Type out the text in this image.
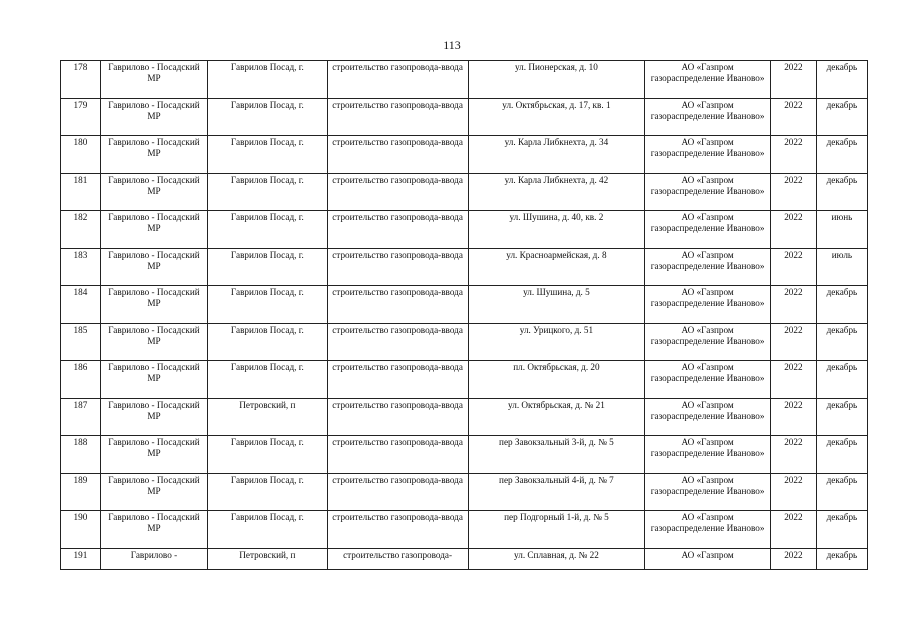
113
178	Гаврилово - Посадский МР	Гаврилов Посад, г.	строительство газопровода-ввода	ул. Пионерская, д. 10	АО «Газпром газораспределение Иваново»	2022	декабрь
179	Гаврилово - Посадский МР	Гаврилов Посад, г.	строительство газопровода-ввода	ул. Октябрьская, д. 17, кв. 1	АО «Газпром газораспределение Иваново»	2022	декабрь
180	Гаврилово - Посадский МР	Гаврилов Посад, г.	строительство газопровода-ввода	ул. Карла Либкнехта, д. 34	АО «Газпром газораспределение Иваново»	2022	декабрь
181	Гаврилово - Посадский МР	Гаврилов Посад, г.	строительство газопровода-ввода	ул. Карла Либкнехта, д. 42	АО «Газпром газораспределение Иваново»	2022	декабрь
182	Гаврилово - Посадский МР	Гаврилов Посад, г.	строительство газопровода-ввода	ул. Шушина, д. 40, кв. 2	АО «Газпром газораспределение Иваново»	2022	июнь
183	Гаврилово - Посадский МР	Гаврилов Посад, г.	строительство газопровода-ввода	ул. Красноармейская, д. 8	АО «Газпром газораспределение Иваново»	2022	июль
184	Гаврилово - Посадский МР	Гаврилов Посад, г.	строительство газопровода-ввода	ул. Шушина, д. 5	АО «Газпром газораспределение Иваново»	2022	декабрь
185	Гаврилово - Посадский МР	Гаврилов Посад, г.	строительство газопровода-ввода	ул. Урицкого, д. 51	АО «Газпром газораспределение Иваново»	2022	декабрь
186	Гаврилово - Посадский МР	Гаврилов Посад, г.	строительство газопровода-ввода	пл. Октябрьская, д. 20	АО «Газпром газораспределение Иваново»	2022	декабрь
187	Гаврилово - Посадский МР	Петровский, п	строительство газопровода-ввода	ул. Октябрьская, д. № 21	АО «Газпром газораспределение Иваново»	2022	декабрь
188	Гаврилово - Посадский МР	Гаврилов Посад, г.	строительство газопровода-ввода	пер Завокзальный 3-й, д. № 5	АО «Газпром газораспределение Иваново»	2022	декабрь
189	Гаврилово - Посадский МР	Гаврилов Посад, г.	строительство газопровода-ввода	пер Завокзальный 4-й, д. № 7	АО «Газпром газораспределение Иваново»	2022	декабрь
190	Гаврилово - Посадский МР	Гаврилов Посад, г.	строительство газопровода-ввода	пер Подгорный 1-й, д. № 5	АО «Газпром газораспределение Иваново»	2022	декабрь
191	Гаврилово -	Петровский, п	строительство газопровода-	ул. Сплавная, д. № 22	АО «Газпром	2022	декабрь
